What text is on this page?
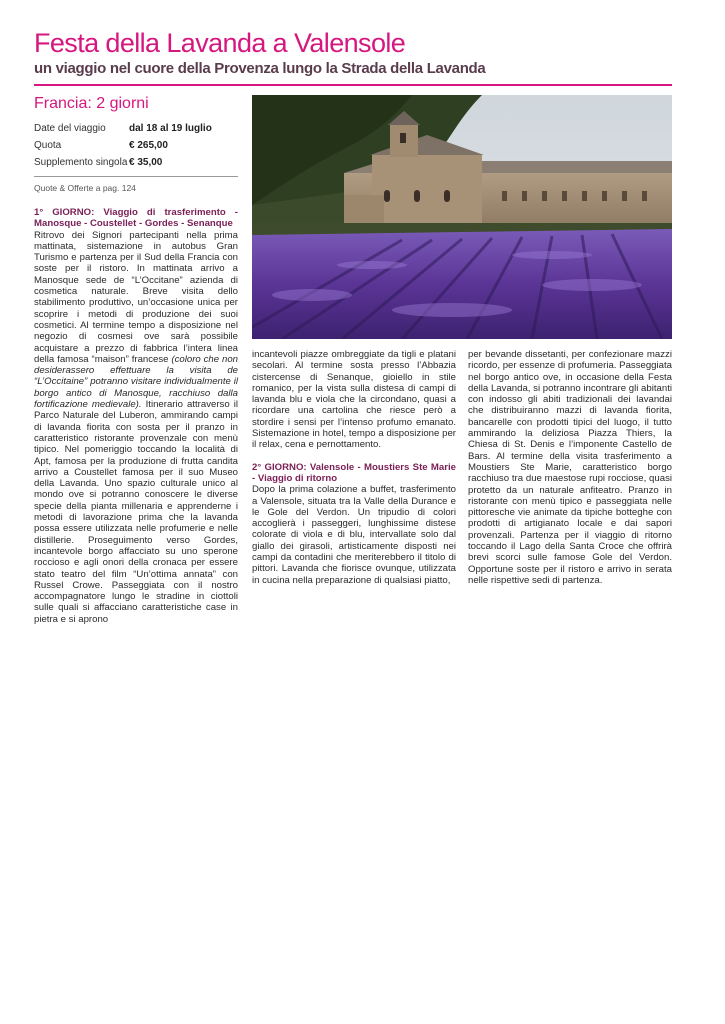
Festa della Lavanda a Valensole
un viaggio nel cuore della Provenza lungo la Strada della Lavanda
Francia: 2 giorni
Date del viaggio	dal 18 al 19 luglio
Quota	€ 265,00
Supplemento singola € 35,00
Quote & Offerte a pag. 124

1° GIORNO: Viaggio di trasferimento - Manosque - Coustellet - Gordes - Senanque

Ritrovo dei Signori partecipanti nella prima mattinata, sistemazione in autobus Gran Turismo e partenza per il Sud della Francia con soste per il ristoro. In mattinata arrivo a Manosque sede de “L’Occitane” azienda di cosmetica naturale. Breve visita dello stabilimento produttivo, un’occasione unica per scoprire i metodi di produzione dei suoi cosmetici. Al termine tempo a disposizione nel negozio di cosmesi ove sarà possibile acquistare a prezzo di fabbrica l’intera linea della famosa “maison” francese (coloro che non desiderassero effettuare la visita de “L’Occitaine” potranno visitare individualmente il borgo antico di Manosque, racchiuso dalla fortificazione medievale). Itinerario attraverso il Parco Naturale del Luberon, ammirando campi di lavanda fiorita con sosta per il pranzo in caratteristico ristorante provenzale con menù tipico. Nel pomeriggio toccando la località di Apt, famosa per la produzione di frutta candita arrivo a Coustellet famosa per il suo Museo della Lavanda. Uno spazio culturale unico al mondo ove si potranno conoscere le diverse specie della pianta millenaria e apprenderne i metodi di lavorazione prima che la lavanda possa essere utilizzata nelle profumerie e nelle distillerie. Proseguimento verso Gordes, incantevole borgo affacciato su uno sperone roccioso e agli onori della cronaca per essere stato teatro del film “Un’ottima annata” con Russel Crowe. Passeggiata con il nostro accompagnatore lungo le stradine in ciottoli sulle quali si affacciano caratteristiche case in pietra e si aprono

incantevoli piazze ombreggiate da tigli e platani secolari. Al termine sosta presso l’Abbazia cistercense di Senanque, gioiello in stile romanico, per la vista sulla distesa di campi di lavanda blu e viola che la circondano, quasi a ricordare una cartolina che riesce però a stordire i sensi per l’intenso profumo emanato. Sistemazione in hotel, tempo a disposizione per il relax, cena e pernottamento.

2° GIORNO: Valensole - Moustiers Ste Marie - Viaggio di ritorno

Dopo la prima colazione a buffet, trasferimento a Valensole, situata tra la Valle della Durance e le Gole del Verdon. Un tripudio di colori accoglierà i passeggeri, lunghissime distese colorate di viola e di blu, intervallate solo dal giallo dei girasoli, artisticamente disposti nei campi da contadini che meriterebbero il titolo di pittori. Lavanda che fiorisce ovunque, utilizzata in cucina nella preparazione di qualsiasi piatto,

per bevande dissetanti, per confezionare mazzi ricordo, per essenze di profumeria. Passeggiata nel borgo antico ove, in occasione della Festa della Lavanda, si potranno incontrare gli abitanti con indosso gli abiti tradizionali dei lavandai che distribuiranno mazzi di lavanda fiorita, bancarelle con prodotti tipici del luogo, il tutto ammirando la deliziosa Piazza Thiers, la Chiesa di St. Denis e l’imponente Castello de Bars. Al termine della visita trasferimento a Moustiers Ste Marie, caratteristico borgo racchiuso tra due maestose rupi rocciose, quasi protetto da un naturale anfiteatro. Pranzo in ristorante con menù tipico e passeggiata nelle pittoresche vie animate da tipiche botteghe con prodotti di artigianato locale e dai sapori provenzali. Partenza per il viaggio di ritorno toccando il Lago della Santa Croce che offrirà brevi scorci sulle famose Gole del Verdon. Opportune soste per il ristoro e arrivo in serata nelle rispettive sedi di partenza.
